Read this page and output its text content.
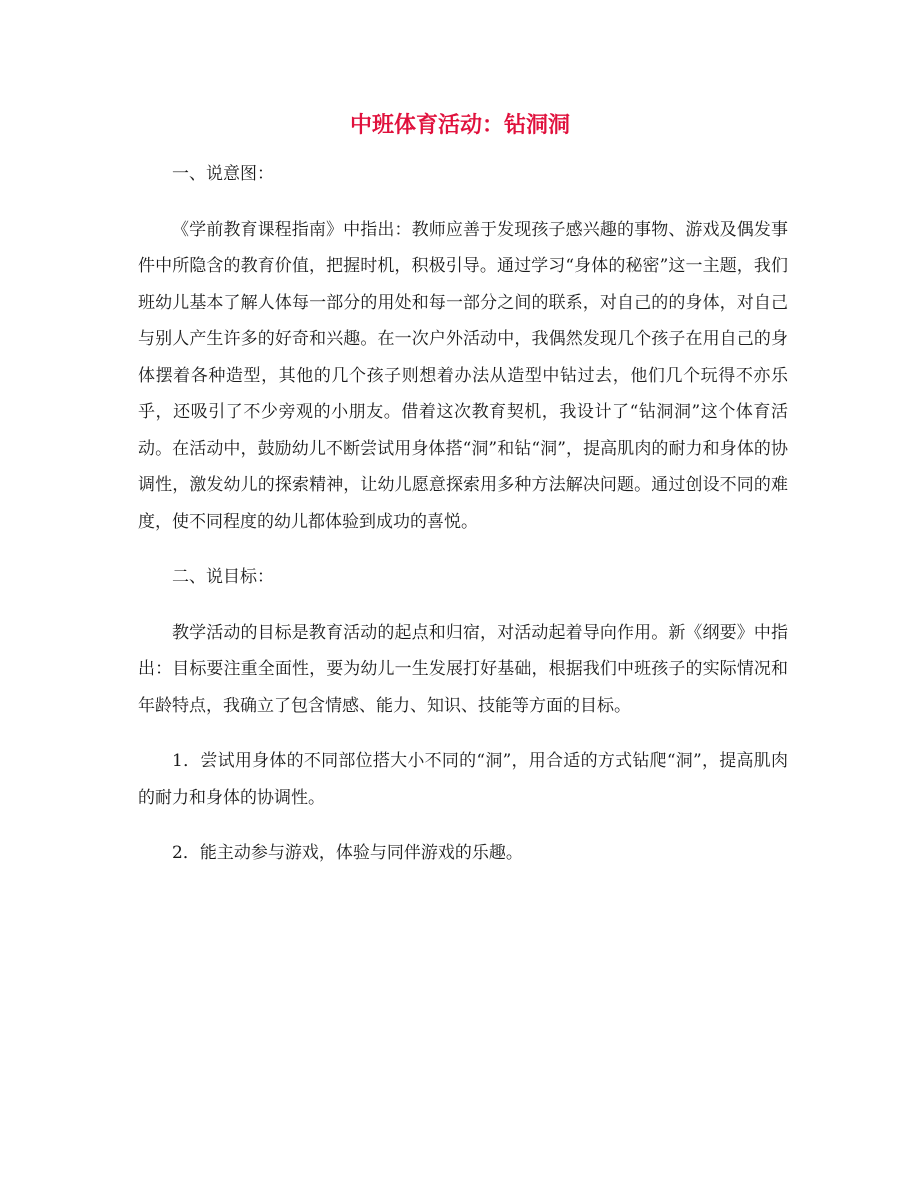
中班体育活动：钻洞洞

一、说意图：

《学前教育课程指南》中指出：教师应善于发现孩子感兴趣的事物、游戏及偶发事件中所隐含的教育价值，把握时机，积极引导。通过学习“身体的秘密”这一主题，我们班幼儿基本了解人体每一部分的用处和每一部分之间的联系，对自己的的身体，对自己与别人产生许多的好奇和兴趣。在一次户外活动中，我偶然发现几个孩子在用自己的身体摆着各种造型，其他的几个孩子则想着办法从造型中钻过去，他们几个玩得不亦乐乎，还吸引了不少旁观的小朋友。借着这次教育契机，我设计了“钻洞洞”这个体育活动。在活动中，鼓励幼儿不断尝试用身体搭“洞”和钻“洞”，提高肌肉的耐力和身体的协调性，激发幼儿的探索精神，让幼儿愿意探索用多种方法解决问题。通过创设不同的难度，使不同程度的幼儿都体验到成功的喜悦。

二、说目标：

教学活动的目标是教育活动的起点和归宿，对活动起着导向作用。新《纲要》中指出：目标要注重全面性，要为幼儿一生发展打好基础，根据我们中班孩子的实际情况和年龄特点，我确立了包含情感、能力、知识、技能等方面的目标。

1．尝试用身体的不同部位搭大小不同的“洞”，用合适的方式钻爬“洞”，提高肌肉的耐力和身体的协调性。

2．能主动参与游戏，体验与同伴游戏的乐趣。
